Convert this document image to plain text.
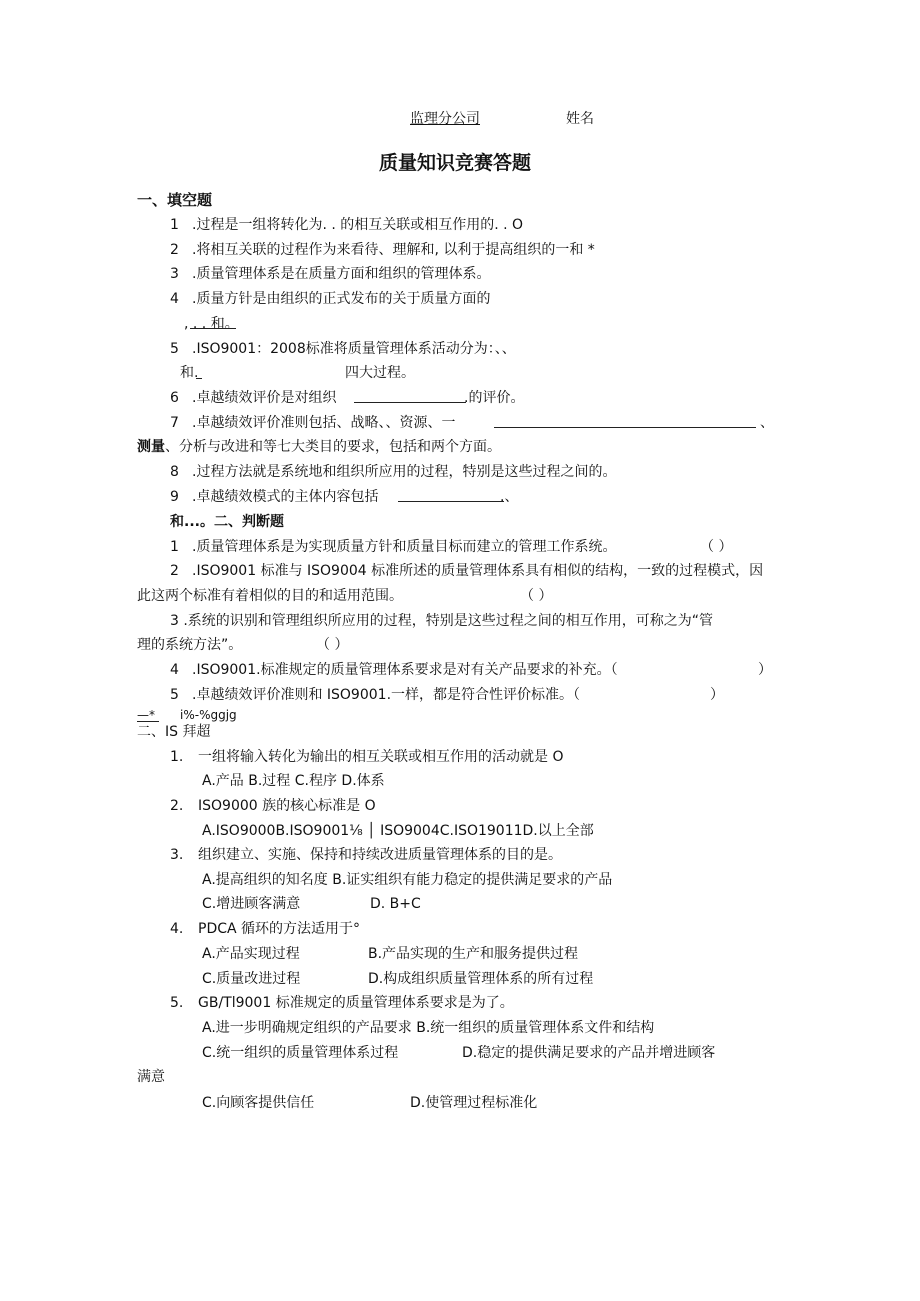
监理分公司	姓名
质量知识竞赛答题
一、填空题
1 .过程是一组将转化为. . 的相互关联或相互作用的. . O
2 .将相互关联的过程作为来看待、理解和, 以利于提高组织的一和 *
3 .质量管理体系是在质量方面和组织的管理体系。
4 .质量方针是由组织的正式发布的关于质量方面的
, . . 和。
5 .ISO9001：2008标准将质量管理体系活动分为：、、
和.	四大过程。
6 .卓越绩效评价是对组织	.的评价。
7 .卓越绩效评价准则包括、战略、、资源、一	、
测量、分析与改进和等七大类目的要求，包括和两个方面。
8 .过程方法就是系统地和组织所应用的过程，特别是这些过程之间的。
9 .卓越绩效模式的主体内容包括	.、
和...。二、判断题
1 .质量管理体系是为实现质量方针和质量目标而建立的管理工作系统。	（ ）
2 .ISO9001 标准与 ISO9004 标准所述的质量管理体系具有相似的结构，一致的过程模式，因
此这两个标准有着相似的目的和适用范围。	（ ）
3 .系统的识别和管理组织所应用的过程，特别是这些过程之间的相互作用，可称之为“管
理的系统方法”。	（ ）
4 .ISO9001.标准规定的质量管理体系要求是对有关产品要求的补充。（	）
5 .卓越绩效评价准则和 ISO9001.一样，都是符合性评价标准。（	）
—* i%-%ggjg
二、IS 拜超
1. 一组将输入转化为输出的相互关联或相互作用的活动就是 O
A.产品 B.过程 C.程序 D.体系
2. ISO9000 族的核心标准是 O
A.ISO9000B.ISO9001⅛ │ ISO9004C.ISO19011D.以上全部
3. 组织建立、实施、保持和持续改进质量管理体系的目的是。
A.提高组织的知名度 B.证实组织有能力稳定的提供满足要求的产品
C.增进顾客满意	D. B+C
4. PDCA 循环的方法适用于°
A.产品实现过程	B.产品实现的生产和服务提供过程
C.质量改进过程	D.构成组织质量管理体系的所有过程
5. GB/Tl9001 标准规定的质量管理体系要求是为了。
A.进一步明确规定组织的产品要求 B.统一组织的质量管理体系文件和结构
C.统一组织的质量管理体系过程	D.稳定的提供满足要求的产品并增进顾客
满意
C.向顾客提供信任	D.使管理过程标准化
